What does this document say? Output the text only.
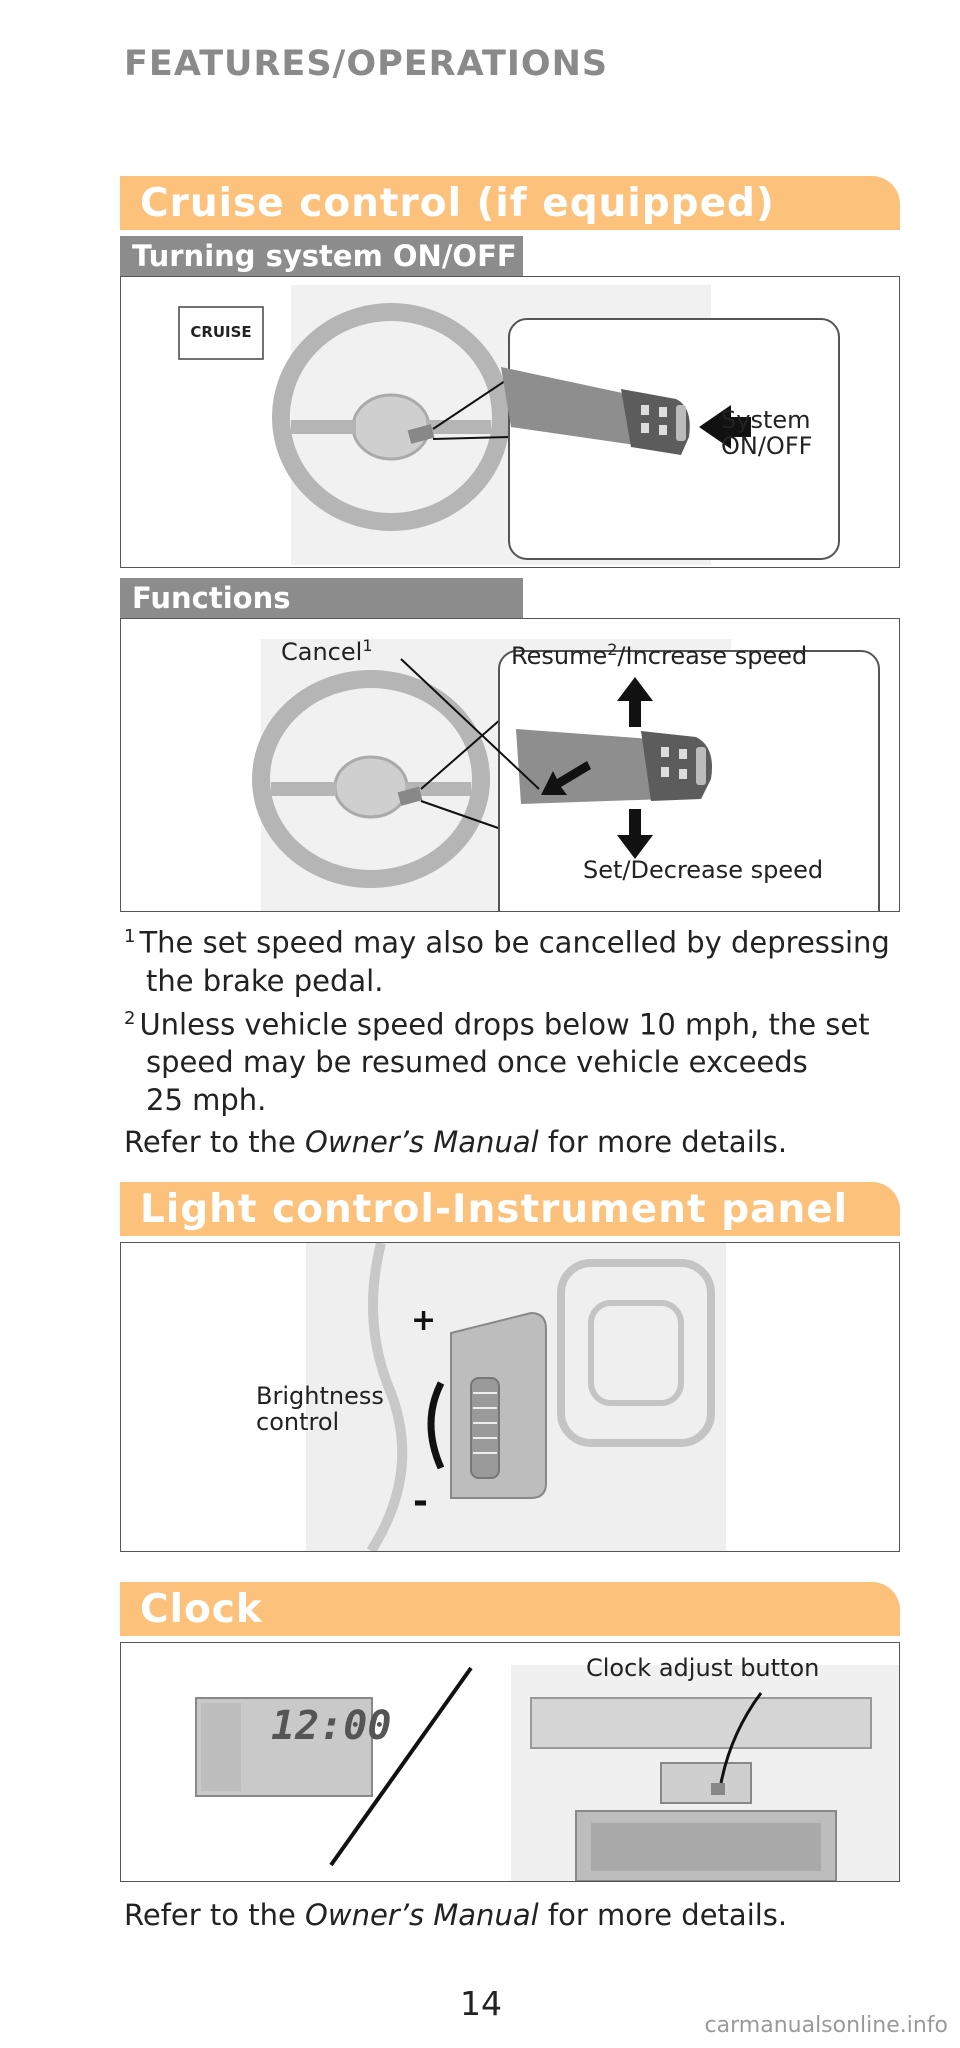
FEATURES/OPERATIONS
Cruise control (if equipped)
Turning system ON/OFF
CRUISE
System
ON/OFF
Functions
Cancel$^1$	Resume$^2$/Increase speed
Set/Decrease speed
$^1$ The set speed may also be cancelled by depressing
the brake pedal.
$^2$ Unless vehicle speed drops below 10 mph, the set
speed may be resumed once vehicle exceeds
25 mph.
Refer to the Owner’s Manual for more details.
Light control-Instrument panel
+
-
Brightness
control
Clock
12:00
Clock adjust button
Refer to the Owner’s Manual for more details.
14
carmanualsonline.info
